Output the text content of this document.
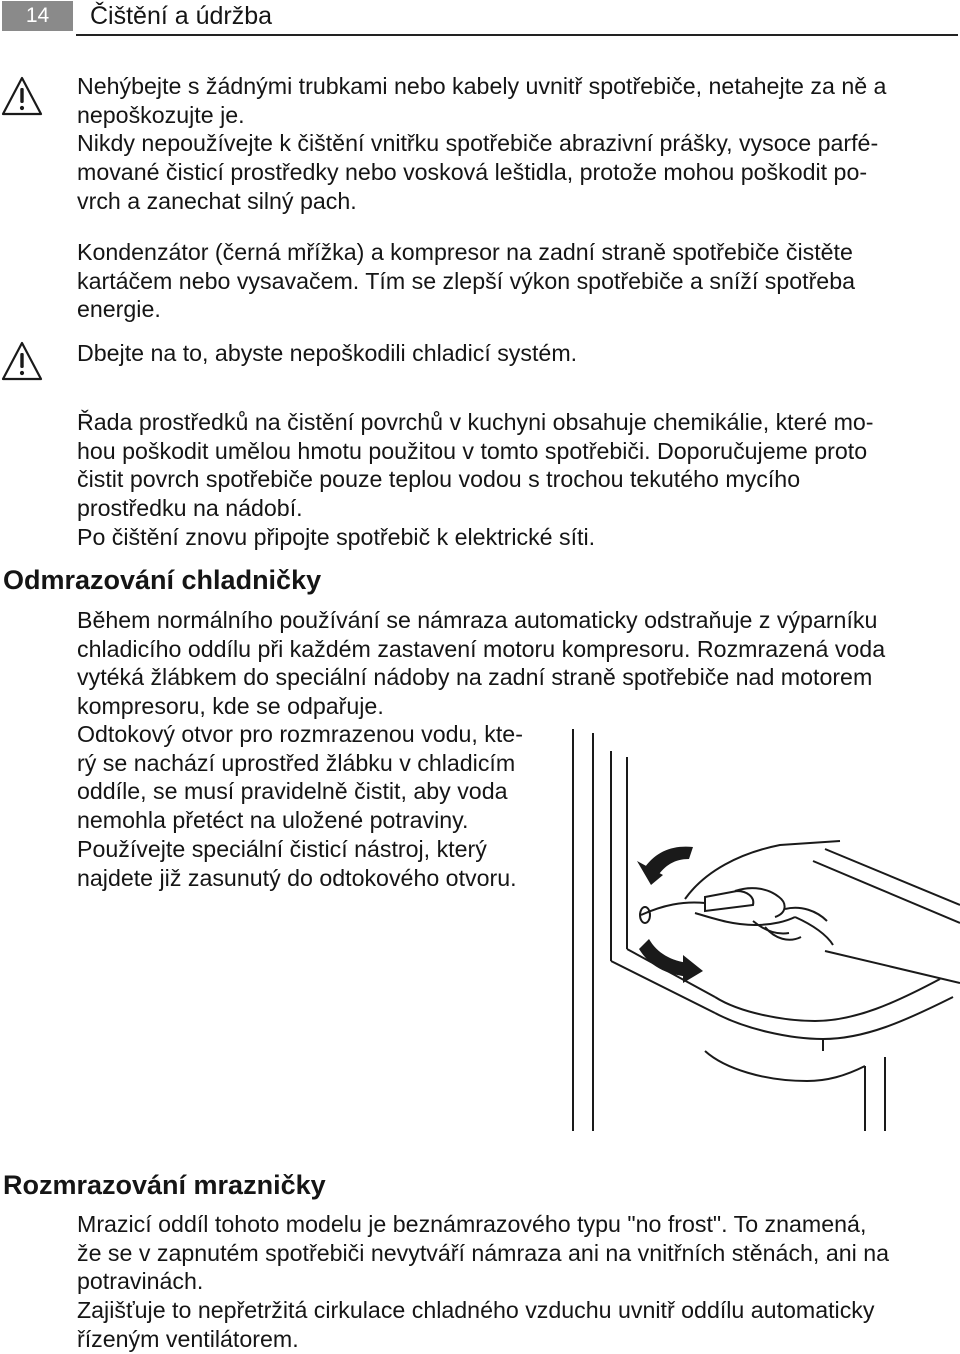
14	Čištění a údržba

Nehýbejte s žádnými trubkami nebo kabely uvnitř spotřebiče, netahejte za ně a
nepoškozujte je.
Nikdy nepoužívejte k čištění vnitřku spotřebiče abrazivní prášky, vysoce parfé-
mované čisticí prostředky nebo vosková leštidla, protože mohou poškodit po-
vrch a zanechat silný pach.

Kondenzátor (černá mřížka) a kompresor na zadní straně spotřebiče čistěte
kartáčem nebo vysavačem. Tím se zlepší výkon spotřebiče a sníží spotřeba
energie.

Dbejte na to, abyste nepoškodili chladicí systém.

Řada prostředků na čistění povrchů v kuchyni obsahuje chemikálie, které mo-
hou poškodit umělou hmotu použitou v tomto spotřebiči. Doporučujeme proto
čistit povrch spotřebiče pouze teplou vodou s trochou tekutého mycího
prostředku na nádobí.
Po čištění znovu připojte spotřebič k elektrické síti.

Odmrazování chladničky

Během normálního používání se námraza automaticky odstraňuje z výparníku
chladicího oddílu při každém zastavení motoru kompresoru. Rozmrazená voda
vytéká žlábkem do speciální nádoby na zadní straně spotřebiče nad motorem
kompresoru, kde se odpařuje.

Odtokový otvor pro rozmrazenou vodu, kte-
rý se nachází uprostřed žlábku v chladicím
oddíle, se musí pravidelně čistit, aby voda
nemohla přetéct na uložené potraviny.
Používejte speciální čisticí nástroj, který
najdete již zasunutý do odtokového otvoru.

Rozmrazování mrazničky

Mrazicí oddíl tohoto modelu je beznámrazového typu "no frost". To znamená,
že se v zapnutém spotřebiči nevytváří námraza ani na vnitřních stěnách, ani na
potravinách.
Zajišťuje to nepřetržitá cirkulace chladného vzduchu uvnitř oddílu automaticky
řízeným ventilátorem.
